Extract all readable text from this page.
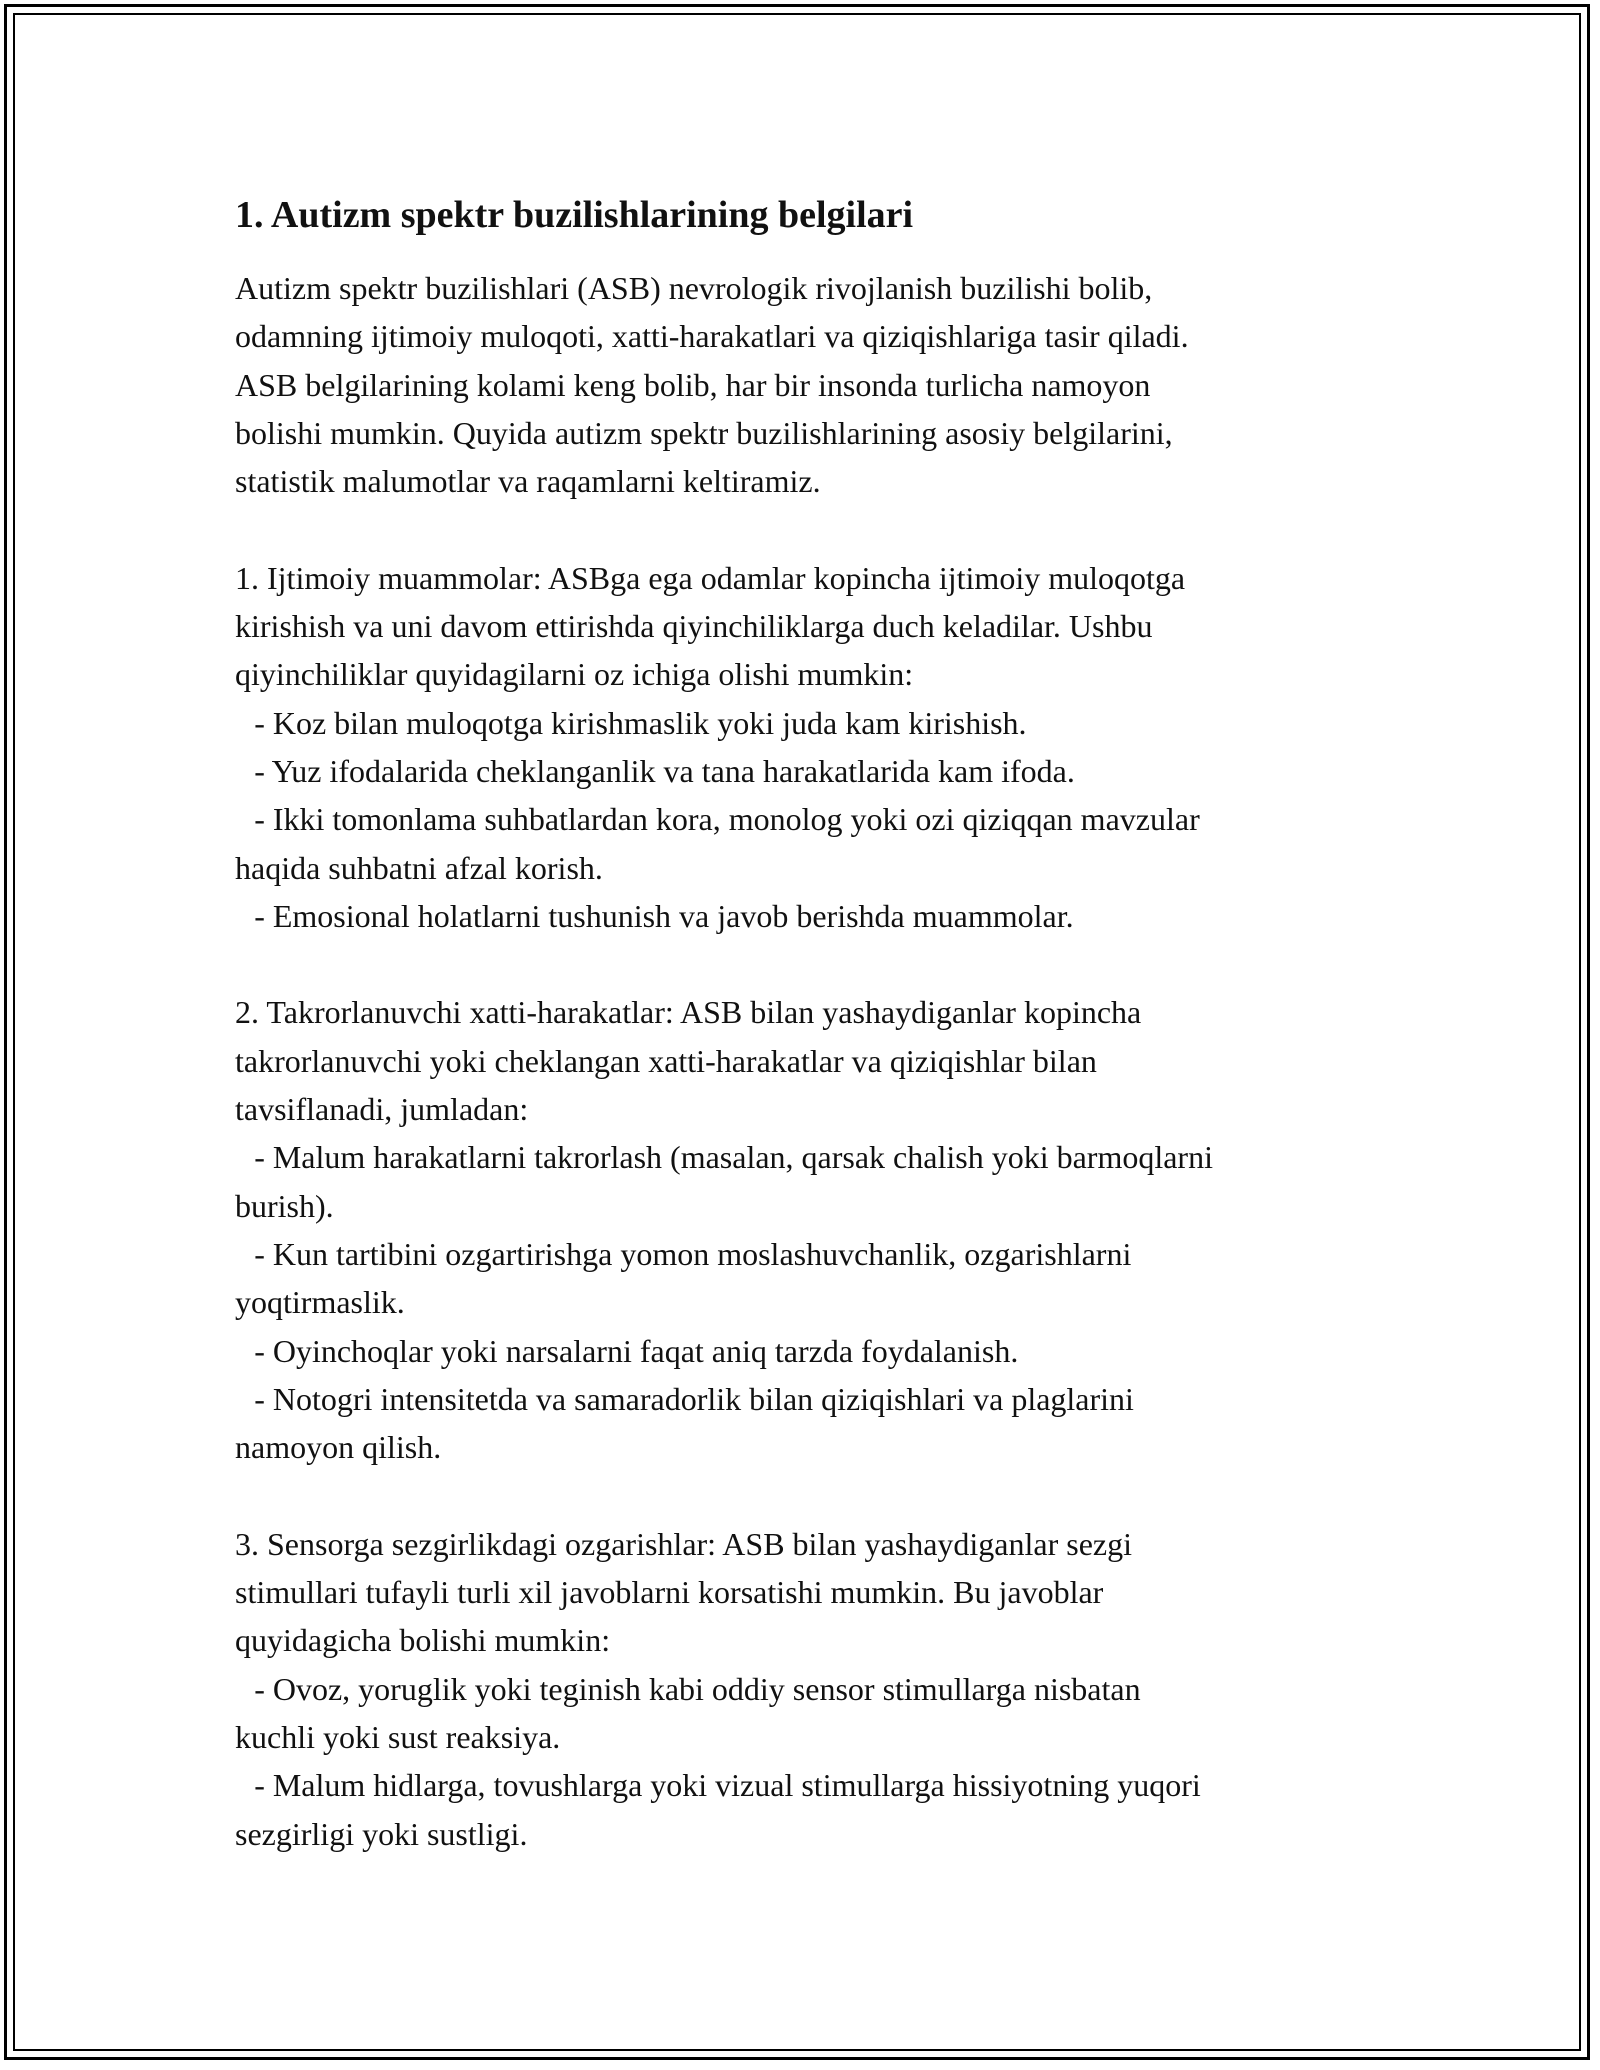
1. Autizm spektr buzilishlarining belgilari

Autizm spektr buzilishlari (ASB) nevrologik rivojlanish buzilishi bolib,

odamning ijtimoiy muloqoti, xatti-harakatlari va qiziqishlariga tasir qiladi.

ASB belgilarining kolami keng bolib, har bir insonda turlicha namoyon

bolishi mumkin. Quyida autizm spektr buzilishlarining asosiy belgilarini,

statistik malumotlar va raqamlarni keltiramiz.

1. Ijtimoiy muammolar: ASBga ega odamlar kopincha ijtimoiy muloqotga

kirishish va uni davom ettirishda qiyinchiliklarga duch keladilar. Ushbu

qiyinchiliklar quyidagilarni oz ichiga olishi mumkin:

- Koz bilan muloqotga kirishmaslik yoki juda kam kirishish.

- Yuz ifodalarida cheklanganlik va tana harakatlarida kam ifoda.

- Ikki tomonlama suhbatlardan kora, monolog yoki ozi qiziqqan mavzular

haqida suhbatni afzal korish.

- Emosional holatlarni tushunish va javob berishda muammolar.

2. Takrorlanuvchi xatti-harakatlar: ASB bilan yashaydiganlar kopincha

takrorlanuvchi yoki cheklangan xatti-harakatlar va qiziqishlar bilan

tavsiflanadi, jumladan:

- Malum harakatlarni takrorlash (masalan, qarsak chalish yoki barmoqlarni

burish).

- Kun tartibini ozgartirishga yomon moslashuvchanlik, ozgarishlarni

yoqtirmaslik.

- Oyinchoqlar yoki narsalarni faqat aniq tarzda foydalanish.

- Notogri intensitetda va samaradorlik bilan qiziqishlari va plaglarini

namoyon qilish.

3. Sensorga sezgirlikdagi ozgarishlar: ASB bilan yashaydiganlar sezgi

stimullari tufayli turli xil javoblarni korsatishi mumkin. Bu javoblar

quyidagicha bolishi mumkin:

- Ovoz, yoruglik yoki teginish kabi oddiy sensor stimullarga nisbatan

kuchli yoki sust reaksiya.

- Malum hidlarga, tovushlarga yoki vizual stimullarga hissiyotning yuqori

sezgirligi yoki sustligi.
